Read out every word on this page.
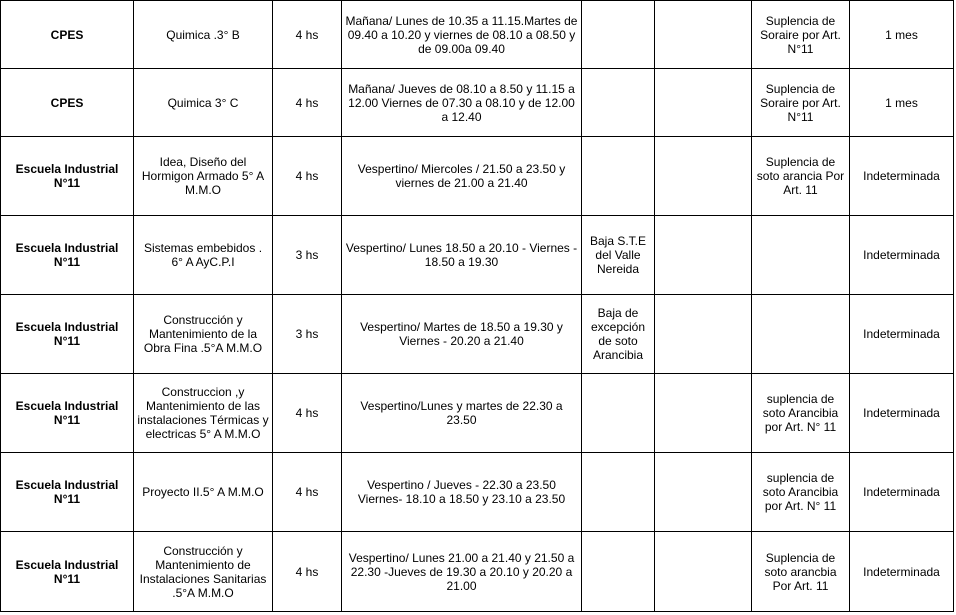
CPES	Quimica .3° B	4 hs	Mañana/ Lunes de 10.35 a 11.15.Martes de 09.40 a 10.20 y viernes de 08.10 a 08.50 y de 09.00a 09.40			Suplencia de Soraire por Art. N°11	1 mes
CPES	Quimica 3° C	4 hs	Mañana/ Jueves de 08.10 a 8.50 y 11.15 a 12.00 Viernes de 07.30 a 08.10 y de 12.00 a 12.40			Suplencia de Soraire por Art. N°11	1 mes
Escuela Industrial N°11	Idea, Diseño del Hormigon Armado 5° A M.M.O	4 hs	Vespertino/ Miercoles / 21.50 a 23.50 y viernes de 21.00 a 21.40			Suplencia de soto arancia Por Art. 11	Indeterminada
Escuela Industrial N°11	Sistemas embebidos . 6° A AyC.P.I	3 hs	Vespertino/ Lunes 18.50 a 20.10 - Viernes - 18.50 a 19.30	Baja S.T.E del Valle Nereida			Indeterminada
Escuela Industrial N°11	Construcción y Mantenimiento de la Obra Fina .5°A M.M.O	3 hs	Vespertino/ Martes de 18.50 a 19.30 y Viernes - 20.20 a 21.40	Baja de excepción de soto Arancibia			Indeterminada
Escuela Industrial N°11	Construccion ,y Mantenimiento de las instalaciones Térmicas y electricas 5° A M.M.O	4 hs	Vespertino/Lunes y martes de 22.30 a 23.50			suplencia de soto Arancibia por Art. N° 11	Indeterminada
Escuela Industrial N°11	Proyecto II.5° A M.M.O	4 hs	Vespertino / Jueves - 22.30 a 23.50 Viernes- 18.10 a 18.50 y 23.10 a 23.50			suplencia de soto Arancibia por Art. N° 11	Indeterminada
Escuela Industrial N°11	Construcción y Mantenimiento de Instalaciones Sanitarias .5°A M.M.O	4 hs	Vespertino/ Lunes 21.00 a 21.40 y 21.50 a 22.30 -Jueves de 19.30 a 20.10 y 20.20 a 21.00			Suplencia de soto arancbia Por Art. 11	Indeterminada
